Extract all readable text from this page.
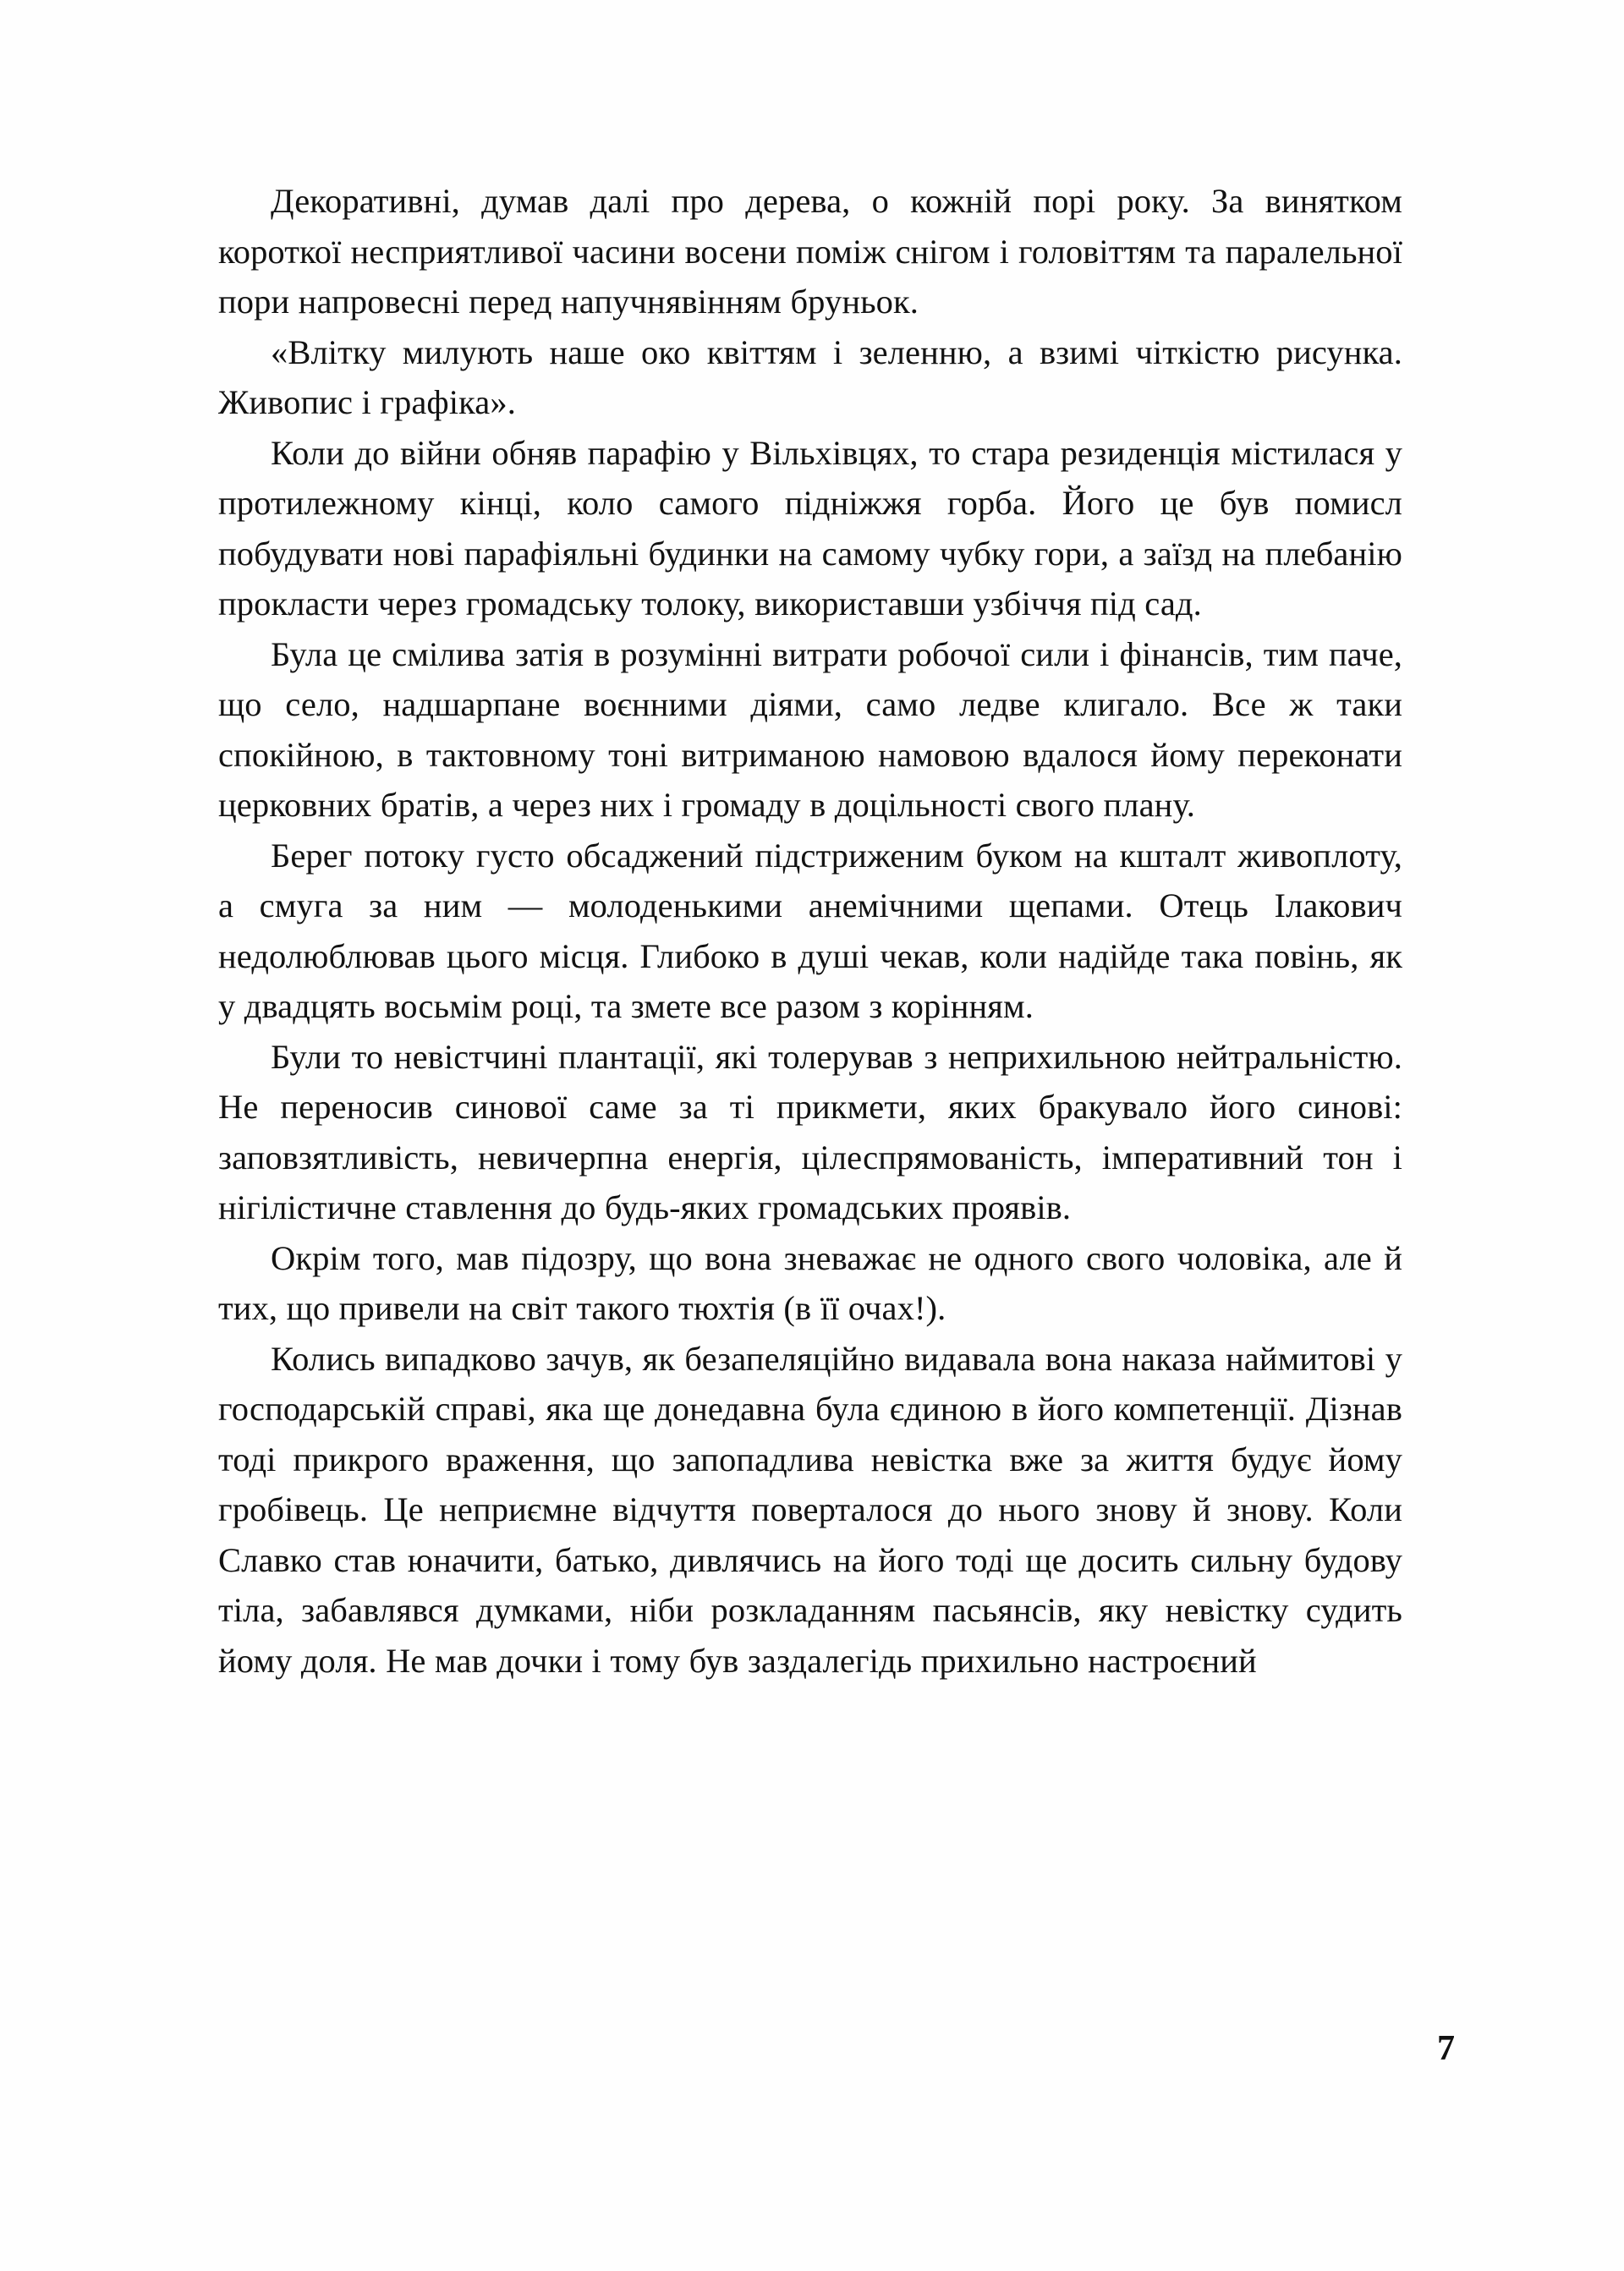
Декоративні, думав далі про дерева, о кожній порі року. За винятком короткої несприятливої часини восени поміж снігом і головіттям та паралельної пори напровесні перед напучнявінням бруньок.

«Влітку милують наше око квіттям і зеленню, а взимі чіткістю рисунка. Живопис і графіка».

Коли до війни обняв парафію у Вільхівцях, то стара резиденція містилася у протилежному кінці, коло самого підніжжя горба. Його це був помисл побудувати нові парафіяльні будинки на самому чубку гори, а заїзд на плебанію прокласти через громадську толоку, використавши узбіччя під сад.

Була це смілива затія в розумінні витрати робочої сили і фінансів, тим паче, що село, надшарпане воєнними діями, само ледве клигало. Все ж таки спокійною, в тактовному тоні витриманою намовою вдалося йому переконати церковних братів, а через них і громаду в доцільності свого плану.

Берег потоку густо обсаджений підстриженим буком на кшталт живоплоту, а смуга за ним — молоденькими анемічними щепами. Отець Ілакович недолюблював цього місця. Глибоко в душі чекав, коли надійде така повінь, як у двадцять восьмім році, та змете все разом з корінням.

Були то невістчині плантації, які толерував з неприхильною нейтральністю. Не переносив синової саме за ті прикмети, яких бракувало його синові: заповзятливість, невичерпна енергія, цілеспрямованість, імперативний тон і нігілістичне ставлення до будь-яких громадських проявів.

Окрім того, мав підозру, що вона зневажає не одного свого чоловіка, але й тих, що привели на світ такого тюхтія (в її очах!).

Колись випадково зачув, як безапеляційно видавала вона наказа наймитові у господарській справі, яка ще донедавна була єдиною в його компетенції. Дізнав тоді прикрого враження, що запопадлива невістка вже за життя будує йому гробівець. Це неприємне відчуття поверталося до нього знову й знову. Коли Славко став юначити, батько, дивлячись на його тоді ще досить сильну будову тіла, забавлявся думками, ніби розкладанням пасьянсів, яку невістку судить йому доля. Не мав дочки і тому був заздалегідь прихильно настроєний

7
